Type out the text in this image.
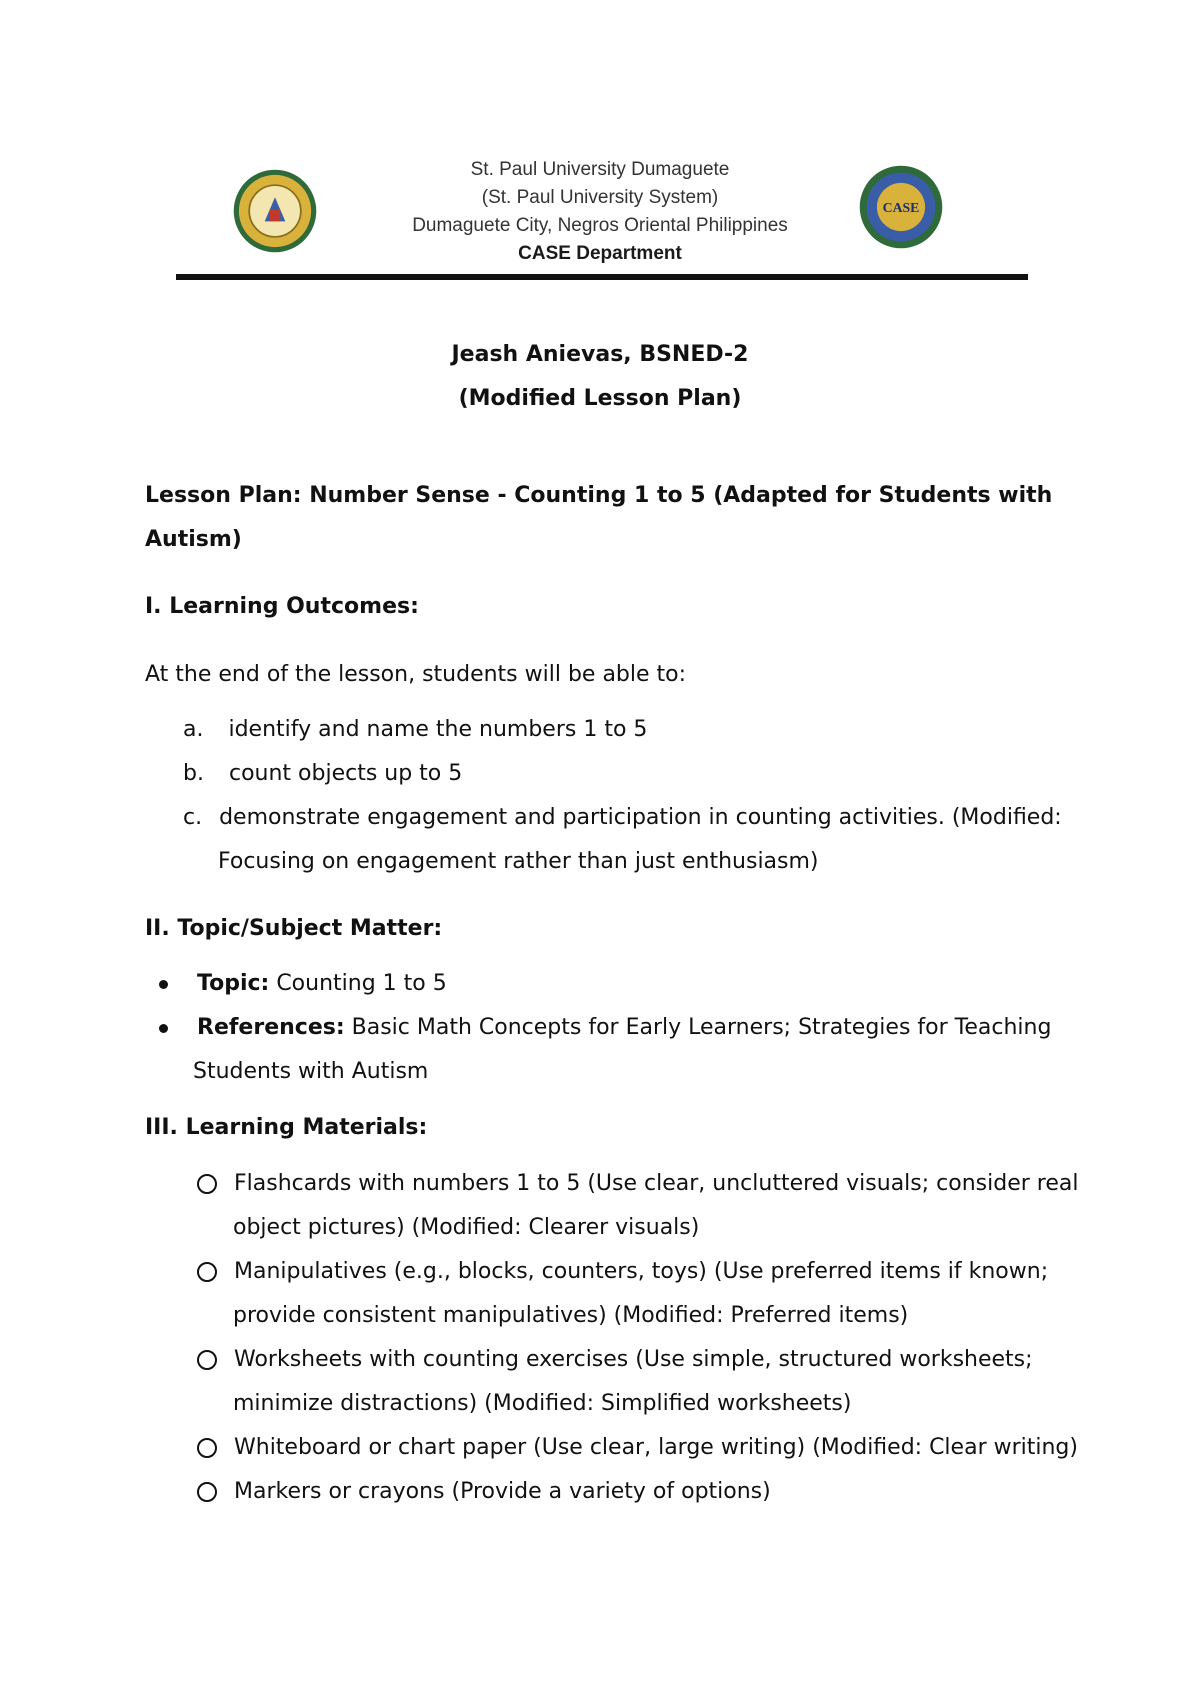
St. Paul University Dumaguete
(St. Paul University System)
Dumaguete City, Negros Oriental Philippines
CASE Department
CASE
Jeash Anievas, BSNED-2
(Modified Lesson Plan)
Lesson Plan: Number Sense - Counting 1 to 5 (Adapted for Students with
Autism)
I. Learning Outcomes:
At the end of the lesson, students will be able to:
a. identify and name the numbers 1 to 5
b. count objects up to 5
c. demonstrate engagement and participation in counting activities. (Modified:
Focusing on engagement rather than just enthusiasm)
II. Topic/Subject Matter:
Topic: Counting 1 to 5
References: Basic Math Concepts for Early Learners; Strategies for Teaching
Students with Autism
III. Learning Materials:
Flashcards with numbers 1 to 5 (Use clear, uncluttered visuals; consider real
object pictures) (Modified: Clearer visuals)
Manipulatives (e.g., blocks, counters, toys) (Use preferred items if known;
provide consistent manipulatives) (Modified: Preferred items)
Worksheets with counting exercises (Use simple, structured worksheets;
minimize distractions) (Modified: Simplified worksheets)
Whiteboard or chart paper (Use clear, large writing) (Modified: Clear writing)
Markers or crayons (Provide a variety of options)
